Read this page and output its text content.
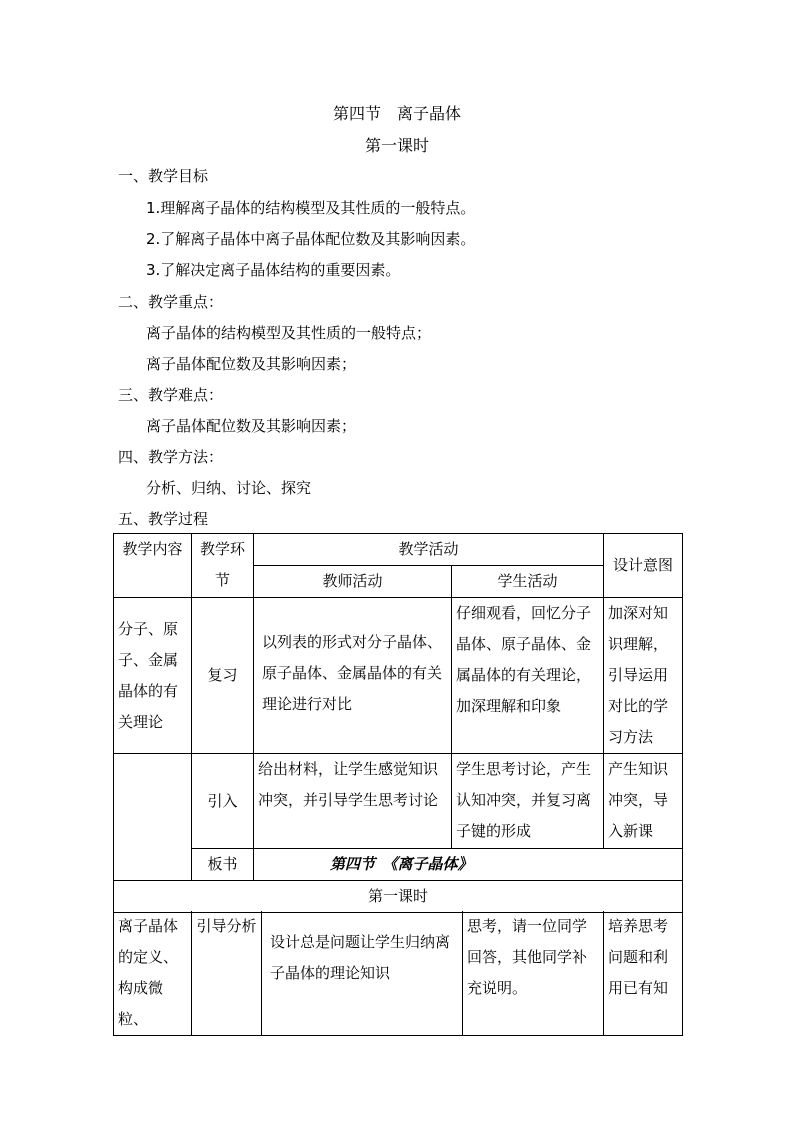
第四节　离子晶体
第一课时
一、教学目标
1.理解离子晶体的结构模型及其性质的一般特点。
2.了解离子晶体中离子晶体配位数及其影响因素。
3.了解决定离子晶体结构的重要因素。
二、教学重点：
离子晶体的结构模型及其性质的一般特点；
离子晶体配位数及其影响因素；
三、教学难点：
离子晶体配位数及其影响因素；
四、教学方法：
分析、归纳、讨论、探究
五、教学过程
教学内容	教学环节	教学活动		设计意图
		教师活动	学生活动	
分子、原子、金属晶体的有关理论	复习	以列表的形式对分子晶体、原子晶体、金属晶体的有关理论进行对比	仔细观看，回忆分子晶体、原子晶体、金属晶体的有关理论，加深理解和印象	加深对知识理解，引导运用对比的学习方法
	引入	给出材料，让学生感觉知识冲突，并引导学生思考讨论	学生思考讨论，产生认知冲突，并复习离子键的形成	产生知识冲突，导入新课
	板书	第四节　《离子晶体》		
第一课时				
离子晶体的定义、构成微粒、	引导分析	设计总是问题让学生归纳离子晶体的理论知识	思考，请一位同学回答，其他同学补充说明。	培养思考问题和利用已有知
